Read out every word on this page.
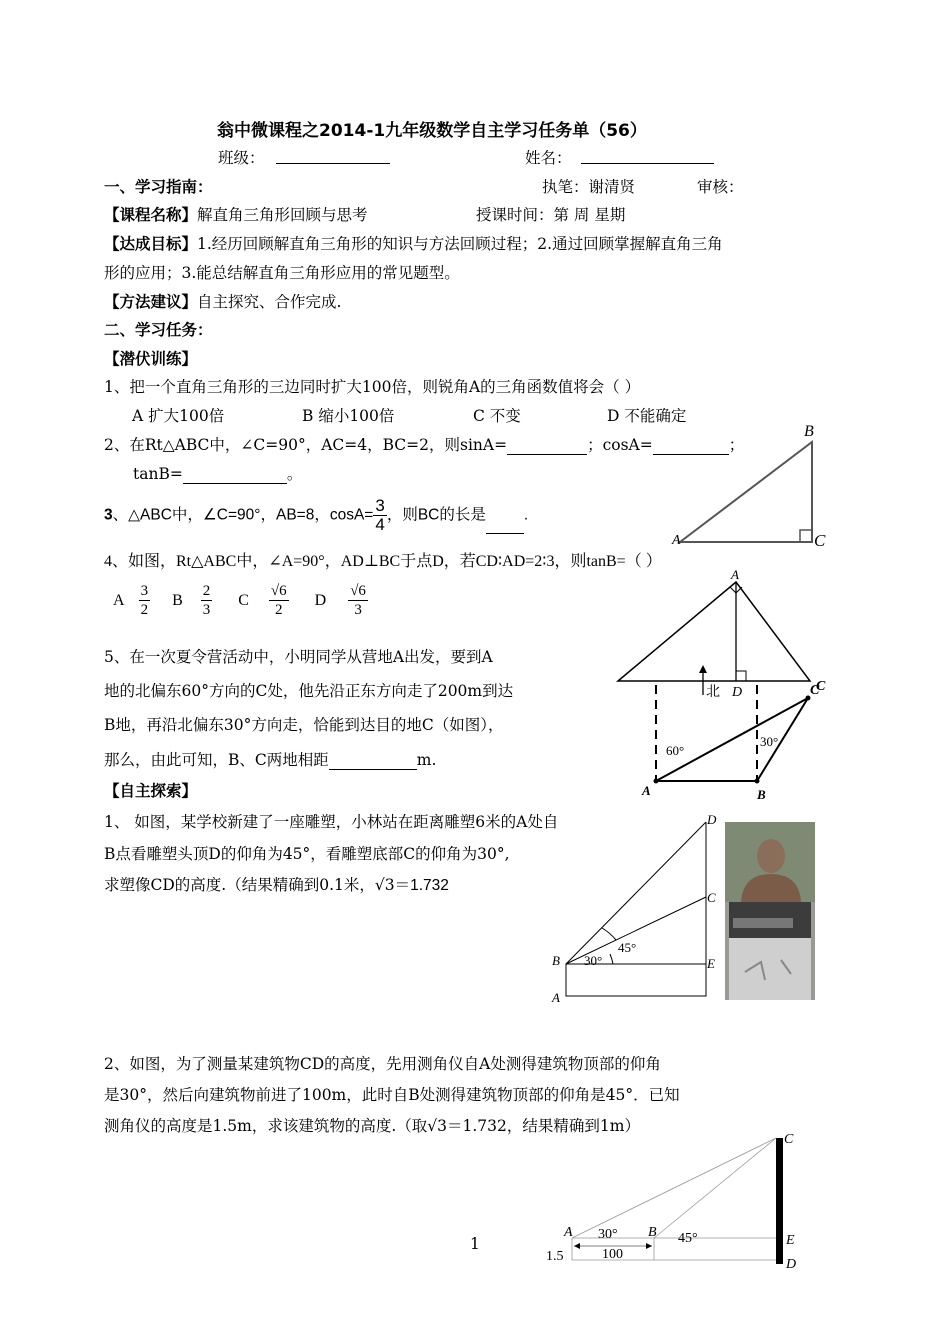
翁中微课程之2014-1九年级数学自主学习任务单（56）
班级：	姓名：
一、学习指南：	执笔：谢清贤	审核：
【课程名称】解直角三角形回顾与思考	授课时间：第 周 星期
【达成目标】1.经历回顾解直角三角形的知识与方法回顾过程；2.通过回顾掌握解直角三角
形的应用；3.能总结解直角三角形应用的常见题型。
【方法建议】自主探究、合作完成.
二、学习任务：
【潜伏训练】
1、把一个直角三角形的三边同时扩大100倍，则锐角A的三角函数值将会（ ）
A 扩大100倍	B 缩小100倍	C 不变	D 不能确定
2、在Rt△ABC中，∠C=90°，AC=4，BC=2，则sinA=	；cosA=	；
tanB=	。
B
A	C
3、△ABC中，∠C=90°，AB=8，$\cos A= \frac{3}{4}$ ，则BC的长是 .
4、如图，Rt△ABC中，∠A=90°，AD⊥BC于点D，若CD∶AD=2∶3，则tanB=（ ）
A $\frac{3}{2}$ B $\frac{2}{3}$ C $\frac{√6}{2}$ D $\frac{√6}{3}$
A
D	C
北	C
60°
30°
A	B
5、在一次夏令营活动中，小明同学从营地A出发，要到A
地的北偏东60°方向的C处，他先沿正东方向走了200m到达
B地，再沿北偏东30°方向走，恰能到达目的地C（如图），
那么，由此可知，B、C两地相距	m.
【自主探索】
1、 如图，某学校新建了一座雕塑，小林站在距离雕塑6米的A处自
B点看雕塑头顶D的仰角为45°，看雕塑底部C的仰角为30°,
求塑像CD的高度.（结果精确到0.1米，√3＝1.732
D
C
45°
B 30°	E
A
2、如图，为了测量某建筑物CD的高度，先用测角仪自A处测得建筑物顶部的仰角
是30°，然后向建筑物前进了100m，此时自B处测得建筑物顶部的仰角是45°．已知
测角仪的高度是1.5m，求该建筑物的高度.（取√3＝1.732，结果精确到1m）
C
A 30° B 45°	E
1.5	100
D
1
